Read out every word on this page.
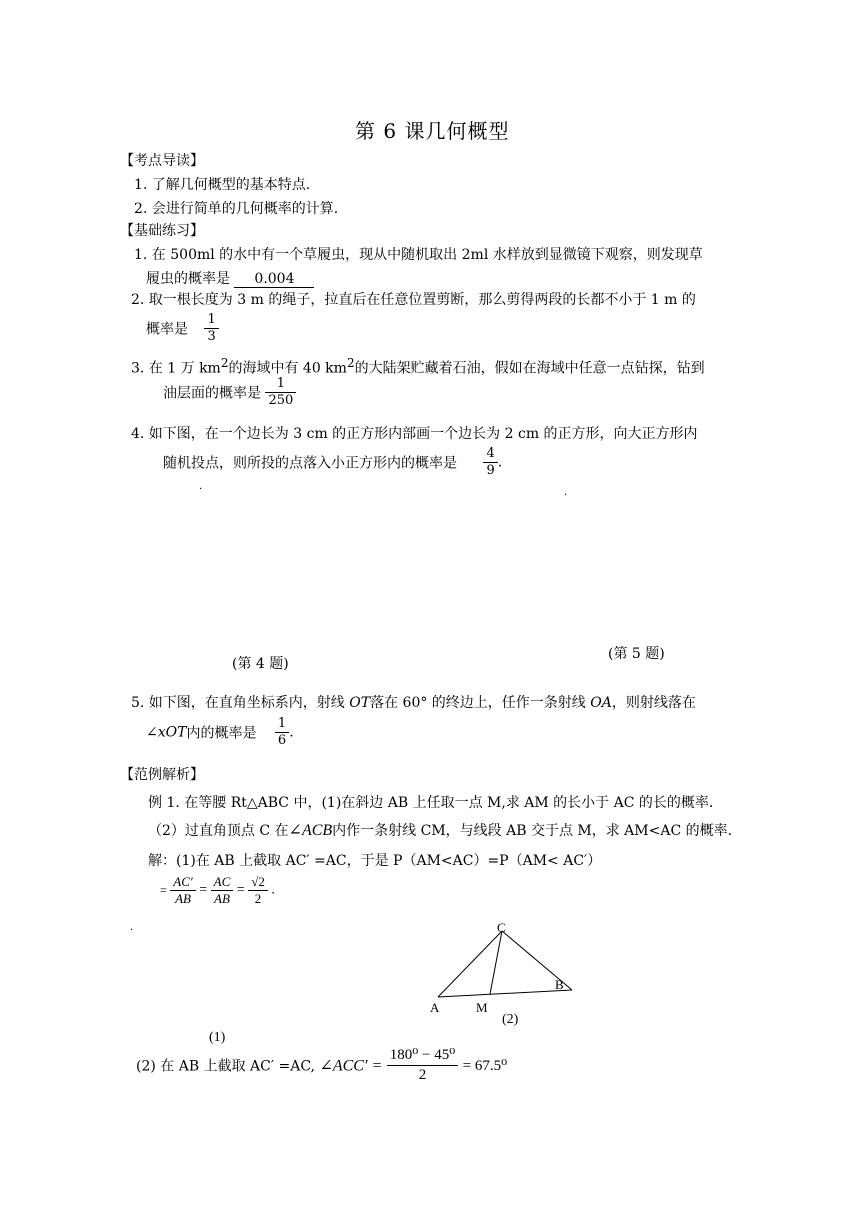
第 6 课几何概型
【考点导读】
1. 了解几何概型的基本特点.
2. 会进行简单的几何概率的计算.
【基础练习】
1. 在 500ml 的水中有一个草履虫，现从中随机取出 2ml 水样放到显微镜下观察，则发现草
履虫的概率是 0.004
2. 取一根长度为 3 m 的绳子，拉直后在任意位置剪断，那么剪得两段的长都不小于 1 m 的
概率是 $\frac{1}{3}$
3. 在 1 万 $km^2$的海域中有 40 $km^2$的大陆架贮藏着石油，假如在海域中任意一点钻探，钻到
油层面的概率是 $\frac{1}{250}$
4. 如下图，在一个边长为 3 cm 的正方形内部画一个边长为 2 cm 的正方形，向大正方形内
随机投点，则所投的点落入小正方形内的概率是 $\frac{4}{9}$ .
·
·
(第 4 题)
(第 5 题)
5. 如下图，在直角坐标系内，射线 OT落在 60° 的终边上，任作一条射线 OA，则射线落在
∠xOT内的概率是 $\frac{1}{6}$ .
【范例解析】
例 1. 在等腰 Rt△ABC 中，(1)在斜边 AB 上任取一点 M,求 AM 的长小于 AC 的长的概率.
（2）过直角顶点 C 在∠ACB内作一条射线 CM，与线段 AB 交于点 M，求 AM<AC 的概率.
解：(1)在 AB 上截取 AC′ =AC，于是 P（AM<AC）=P（AM< AC′）
= $\frac{AC'}{AB} = \frac{AC}{AB} = \frac{√2}{2}$ .
·	C
A	M
B
(2)
(1)
(2) 在 AB 上截取 AC′ =AC, ∠ACC′ = $\frac{\text{180⁰ − 45⁰}}{2} = 67.5^0$
